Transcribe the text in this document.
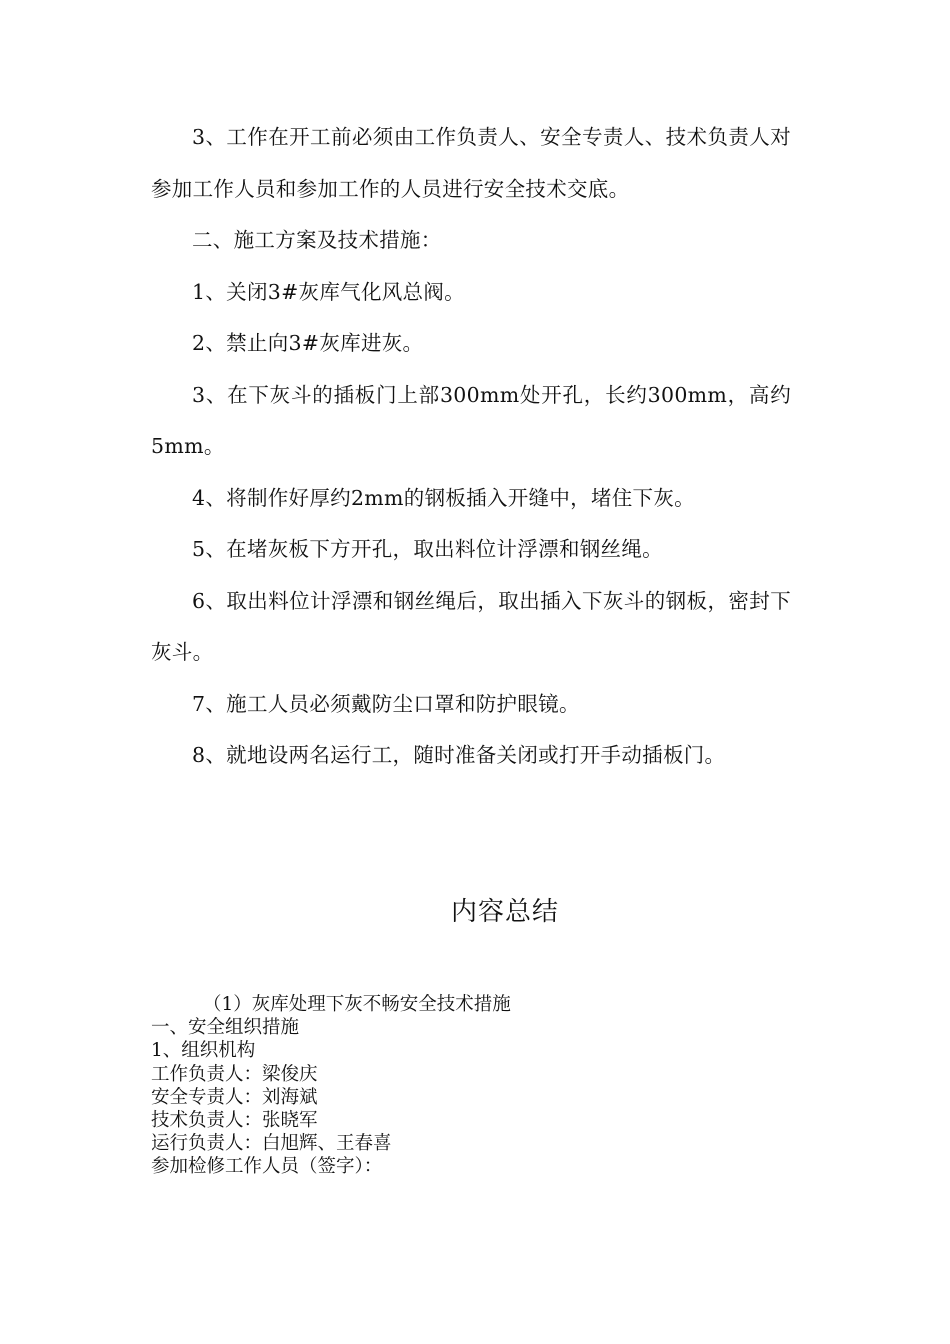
3、工作在开工前必须由工作负责人、安全专责人、技术负责人对参加工作人员和参加工作的人员进行安全技术交底。

二、施工方案及技术措施：

1、关闭3#灰库气化风总阀。

2、禁止向3#灰库进灰。

3、在下灰斗的插板门上部300mm处开孔，长约300mm，高约5mm。

4、将制作好厚约2mm的钢板插入开缝中，堵住下灰。

5、在堵灰板下方开孔，取出料位计浮漂和钢丝绳。

6、取出料位计浮漂和钢丝绳后，取出插入下灰斗的钢板，密封下灰斗。

7、施工人员必须戴防尘口罩和防护眼镜。

8、就地设两名运行工，随时准备关闭或打开手动插板门。

内容总结

（1）灰库处理下灰不畅安全技术措施

一、安全组织措施

1、组织机构

工作负责人：梁俊庆

安全专责人：刘海斌

技术负责人：张晓军

运行负责人：白旭辉、王春喜

参加检修工作人员（签字）：
